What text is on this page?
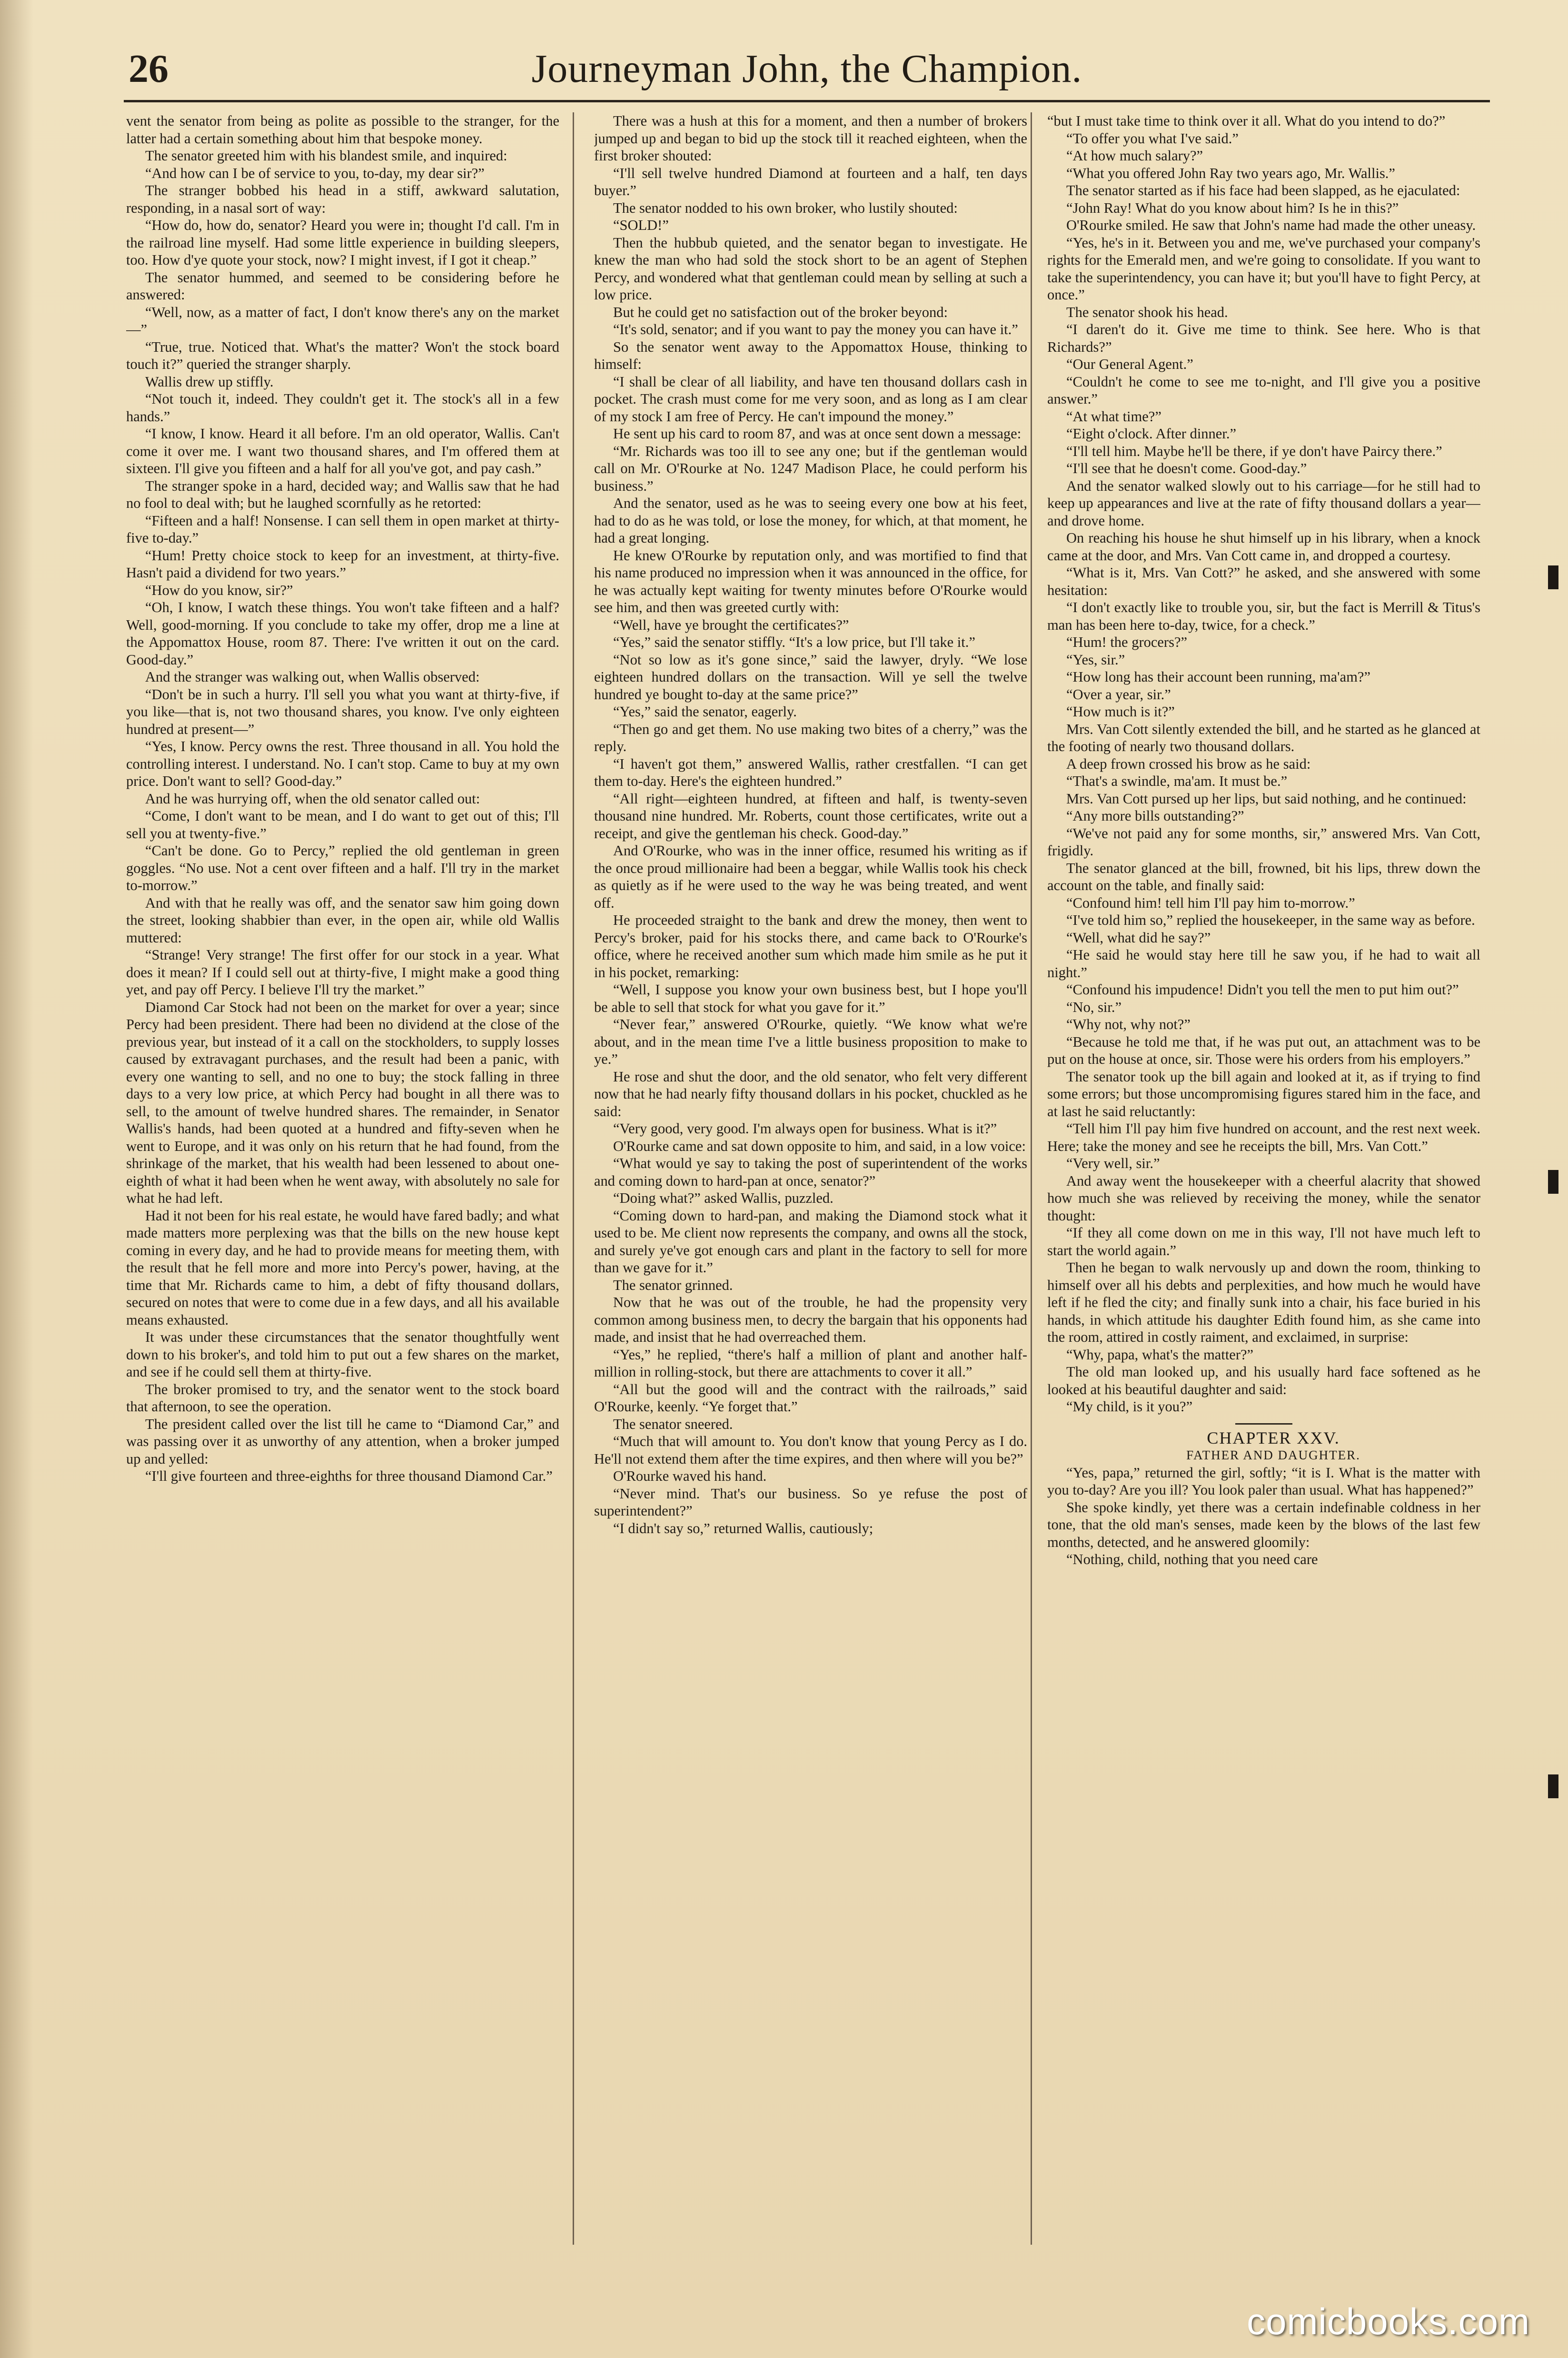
Journeyman John, the Champion.
26

vent the senator from being as polite as possible to the stranger, for the latter had a certain something about him that bespoke money.

The senator greeted him with his blandest smile, and inquired:

“And how can I be of service to you, to-day, my dear sir?”

The stranger bobbed his head in a stiff, awkward salutation, responding, in a nasal sort of way:

“How do, how do, senator? Heard you were in; thought I'd call. I'm in the railroad line myself. Had some little experience in building sleepers, too. How d'ye quote your stock, now? I might invest, if I got it cheap.”

The senator hummed, and seemed to be considering before he answered:

“Well, now, as a matter of fact, I don't know there's any on the market—”

“True, true. Noticed that. What's the matter? Won't the stock board touch it?” queried the stranger sharply.

Wallis drew up stiffly.

“Not touch it, indeed. They couldn't get it. The stock's all in a few hands.”

“I know, I know. Heard it all before. I'm an old operator, Wallis. Can't come it over me. I want two thousand shares, and I'm offered them at sixteen. I'll give you fifteen and a half for all you've got, and pay cash.”

The stranger spoke in a hard, decided way; and Wallis saw that he had no fool to deal with; but he laughed scornfully as he retorted:

“Fifteen and a half! Nonsense. I can sell them in open market at thirty-five to-day.”

“Hum! Pretty choice stock to keep for an investment, at thirty-five. Hasn't paid a dividend for two years.”

“How do you know, sir?”

“Oh, I know, I watch these things. You won't take fifteen and a half? Well, good-morning. If you conclude to take my offer, drop me a line at the Appomattox House, room 87. There: I've written it out on the card. Good-day.”

And the stranger was walking out, when Wallis observed:

“Don't be in such a hurry. I'll sell you what you want at thirty-five, if you like—that is, not two thousand shares, you know. I've only eighteen hundred at present—”

“Yes, I know. Percy owns the rest. Three thousand in all. You hold the controlling interest. I understand. No. I can't stop. Came to buy at my own price. Don't want to sell? Good-day.”

And he was hurrying off, when the old senator called out:

“Come, I don't want to be mean, and I do want to get out of this; I'll sell you at twenty-five.”

“Can't be done. Go to Percy,” replied the old gentleman in green goggles. “No use. Not a cent over fifteen and a half. I'll try in the market to-morrow.”

And with that he really was off, and the senator saw him going down the street, looking shabbier than ever, in the open air, while old Wallis muttered:

“Strange! Very strange! The first offer for our stock in a year. What does it mean? If I could sell out at thirty-five, I might make a good thing yet, and pay off Percy. I believe I'll try the market.”

Diamond Car Stock had not been on the market for over a year; since Percy had been president. There had been no dividend at the close of the previous year, but instead of it a call on the stockholders, to supply losses caused by extravagant purchases, and the result had been a panic, with every one wanting to sell, and no one to buy; the stock falling in three days to a very low price, at which Percy had bought in all there was to sell, to the amount of twelve hundred shares. The remainder, in Senator Wallis's hands, had been quoted at a hundred and fifty-seven when he went to Europe, and it was only on his return that he had found, from the shrinkage of the market, that his wealth had been lessened to about one-eighth of what it had been when he went away, with absolutely no sale for what he had left.

Had it not been for his real estate, he would have fared badly; and what made matters more perplexing was that the bills on the new house kept coming in every day, and he had to provide means for meeting them, with the result that he fell more and more into Percy's power, having, at the time that Mr. Richards came to him, a debt of fifty thousand dollars, secured on notes that were to come due in a few days, and all his available means exhausted.

It was under these circumstances that the senator thoughtfully went down to his broker's, and told him to put out a few shares on the market, and see if he could sell them at thirty-five.

The broker promised to try, and the senator went to the stock board that afternoon, to see the operation.

The president called over the list till he came to “Diamond Car,” and was passing over it as unworthy of any attention, when a broker jumped up and yelled:

“I'll give fourteen and three-eighths for three thousand Diamond Car.”

There was a hush at this for a moment, and then a number of brokers jumped up and began to bid up the stock till it reached eighteen, when the first broker shouted:

“I'll sell twelve hundred Diamond at fourteen and a half, ten days buyer.”

The senator nodded to his own broker, who lustily shouted:

“SOLD!”

Then the hubbub quieted, and the senator began to investigate. He knew the man who had sold the stock short to be an agent of Stephen Percy, and wondered what that gentleman could mean by selling at such a low price.

But he could get no satisfaction out of the broker beyond:

“It's sold, senator; and if you want to pay the money you can have it.”

So the senator went away to the Appomattox House, thinking to himself:

“I shall be clear of all liability, and have ten thousand dollars cash in pocket. The crash must come for me very soon, and as long as I am clear of my stock I am free of Percy. He can't impound the money.”

He sent up his card to room 87, and was at once sent down a message:

“Mr. Richards was too ill to see any one; but if the gentleman would call on Mr. O'Rourke at No. 1247 Madison Place, he could perform his business.”

And the senator, used as he was to seeing every one bow at his feet, had to do as he was told, or lose the money, for which, at that moment, he had a great longing.

He knew O'Rourke by reputation only, and was mortified to find that his name produced no impression when it was announced in the office, for he was actually kept waiting for twenty minutes before O'Rourke would see him, and then was greeted curtly with:

“Well, have ye brought the certificates?”

“Yes,” said the senator stiffly. “It's a low price, but I'll take it.”

“Not so low as it's gone since,” said the lawyer, dryly. “We lose eighteen hundred dollars on the transaction. Will ye sell the twelve hundred ye bought to-day at the same price?”

“Yes,” said the senator, eagerly.

“Then go and get them. No use making two bites of a cherry,” was the reply.

“I haven't got them,” answered Wallis, rather crestfallen. “I can get them to-day. Here's the eighteen hundred.”

“All right—eighteen hundred, at fifteen and half, is twenty-seven thousand nine hundred. Mr. Roberts, count those certificates, write out a receipt, and give the gentleman his check. Good-day.”

And O'Rourke, who was in the inner office, resumed his writing as if the once proud millionaire had been a beggar, while Wallis took his check as quietly as if he were used to the way he was being treated, and went off.

He proceeded straight to the bank and drew the money, then went to Percy's broker, paid for his stocks there, and came back to O'Rourke's office, where he received another sum which made him smile as he put it in his pocket, remarking:

“Well, I suppose you know your own business best, but I hope you'll be able to sell that stock for what you gave for it.”

“Never fear,” answered O'Rourke, quietly. “We know what we're about, and in the mean time I've a little business proposition to make to ye.”

He rose and shut the door, and the old senator, who felt very different now that he had nearly fifty thousand dollars in his pocket, chuckled as he said:

“Very good, very good. I'm always open for business. What is it?”

O'Rourke came and sat down opposite to him, and said, in a low voice:

“What would ye say to taking the post of superintendent of the works and coming down to hard-pan at once, senator?”

“Doing what?” asked Wallis, puzzled.

“Coming down to hard-pan, and making the Diamond stock what it used to be. Me client now represents the company, and owns all the stock, and surely ye've got enough cars and plant in the factory to sell for more than we gave for it.”

The senator grinned.

Now that he was out of the trouble, he had the propensity very common among business men, to decry the bargain that his opponents had made, and insist that he had overreached them.

“Yes,” he replied, “there's half a million of plant and another half-million in rolling-stock, but there are attachments to cover it all.”

“All but the good will and the contract with the railroads,” said O'Rourke, keenly. “Ye forget that.”

The senator sneered.

“Much that will amount to. You don't know that young Percy as I do. He'll not extend them after the time expires, and then where will you be?”

O'Rourke waved his hand.

“Never mind. That's our business. So ye refuse the post of superintendent?”

“I didn't say so,” returned Wallis, cautiously;

“but I must take time to think over it all. What do you intend to do?”

“To offer you what I've said.”

“At how much salary?”

“What you offered John Ray two years ago, Mr. Wallis.”

The senator started as if his face had been slapped, as he ejaculated:

“John Ray! What do you know about him? Is he in this?”

O'Rourke smiled. He saw that John's name had made the other uneasy.

“Yes, he's in it. Between you and me, we've purchased your company's rights for the Emerald men, and we're going to consolidate. If you want to take the superintendency, you can have it; but you'll have to fight Percy, at once.”

The senator shook his head.

“I daren't do it. Give me time to think. See here. Who is that Richards?”

“Our General Agent.”

“Couldn't he come to see me to-night, and I'll give you a positive answer.”

“At what time?”

“Eight o'clock. After dinner.”

“I'll tell him. Maybe he'll be there, if ye don't have Paircy there.”

“I'll see that he doesn't come. Good-day.”

And the senator walked slowly out to his carriage—for he still had to keep up appearances and live at the rate of fifty thousand dollars a year—and drove home.

On reaching his house he shut himself up in his library, when a knock came at the door, and Mrs. Van Cott came in, and dropped a courtesy.

“What is it, Mrs. Van Cott?” he asked, and she answered with some hesitation:

“I don't exactly like to trouble you, sir, but the fact is Merrill & Titus's man has been here to-day, twice, for a check.”

“Hum! the grocers?”

“Yes, sir.”

“How long has their account been running, ma'am?”

“Over a year, sir.”

“How much is it?”

Mrs. Van Cott silently extended the bill, and he started as he glanced at the footing of nearly two thousand dollars.

A deep frown crossed his brow as he said:

“That's a swindle, ma'am. It must be.”

Mrs. Van Cott pursed up her lips, but said nothing, and he continued:

“Any more bills outstanding?”

“We've not paid any for some months, sir,” answered Mrs. Van Cott, frigidly.

The senator glanced at the bill, frowned, bit his lips, threw down the account on the table, and finally said:

“Confound him! tell him I'll pay him to-morrow.”

“I've told him so,” replied the housekeeper, in the same way as before.

“Well, what did he say?”

“He said he would stay here till he saw you, if he had to wait all night.”

“Confound his impudence! Didn't you tell the men to put him out?”

“No, sir.”

“Why not, why not?”

“Because he told me that, if he was put out, an attachment was to be put on the house at once, sir. Those were his orders from his employers.”

The senator took up the bill again and looked at it, as if trying to find some errors; but those uncompromising figures stared him in the face, and at last he said reluctantly:

“Tell him I'll pay him five hundred on account, and the rest next week. Here; take the money and see he receipts the bill, Mrs. Van Cott.”

“Very well, sir.”

And away went the housekeeper with a cheerful alacrity that showed how much she was relieved by receiving the money, while the senator thought:

“If they all come down on me in this way, I'll not have much left to start the world again.”

Then he began to walk nervously up and down the room, thinking to himself over all his debts and perplexities, and how much he would have left if he fled the city; and finally sunk into a chair, his face buried in his hands, in which attitude his daughter Edith found him, as she came into the room, attired in costly raiment, and exclaimed, in surprise:

“Why, papa, what's the matter?”

The old man looked up, and his usually hard face softened as he looked at his beautiful daughter and said:

“My child, is it you?”

CHAPTER XXV.

FATHER AND DAUGHTER.

“Yes, papa,” returned the girl, softly; “it is I. What is the matter with you to-day? Are you ill? You look paler than usual. What has happened?”

She spoke kindly, yet there was a certain indefinable coldness in her tone, that the old man's senses, made keen by the blows of the last few months, detected, and he answered gloomily:

“Nothing, child, nothing that you need care

comicbooks.com
